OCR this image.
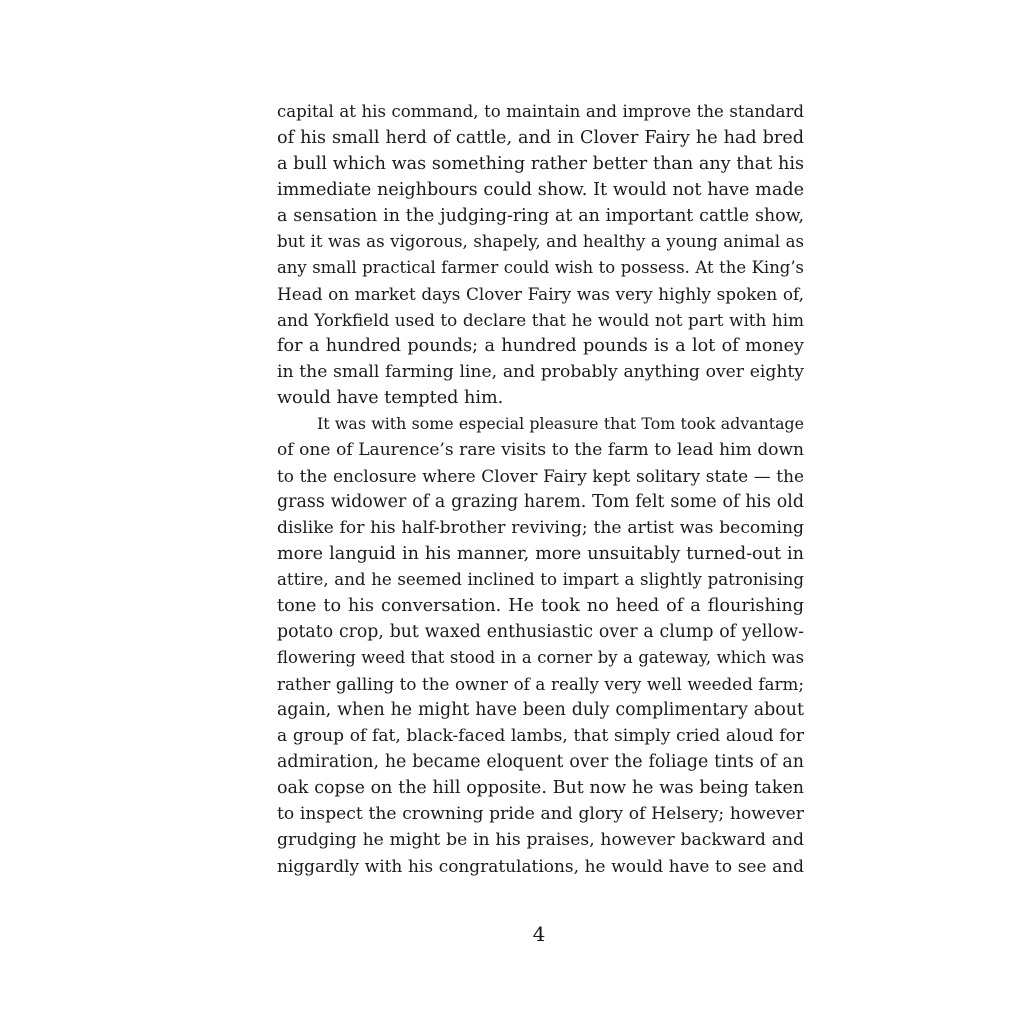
capital at his command, to maintain and improve the standard
of his small herd of cattle, and in Clover Fairy he had bred
a bull which was something rather better than any that his
immediate neighbours could show. It would not have made
a sensation in the judging-ring at an important cattle show,
but it was as vigorous, shapely, and healthy a young animal as
any small practical farmer could wish to possess. At the King’s
Head on market days Clover Fairy was very highly spoken of,
and Yorkfield used to declare that he would not part with him
for a hundred pounds; a hundred pounds is a lot of money
in the small farming line, and probably anything over eighty
would have tempted him.
It was with some especial pleasure that Tom took advantage
of one of Laurence’s rare visits to the farm to lead him down
to the enclosure where Clover Fairy kept solitary state — the
grass widower of a grazing harem. Tom felt some of his old
dislike for his half-brother reviving; the artist was becoming
more languid in his manner, more unsuitably turned-out in
attire, and he seemed inclined to impart a slightly patronising
tone to his conversation. He took no heed of a flourishing
potato crop, but waxed enthusiastic over a clump of yellow-
flowering weed that stood in a corner by a gateway, which was
rather galling to the owner of a really very well weeded farm;
again, when he might have been duly complimentary about
a group of fat, black-faced lambs, that simply cried aloud for
admiration, he became eloquent over the foliage tints of an
oak copse on the hill opposite. But now he was being taken
to inspect the crowning pride and glory of Helsery; however
grudging he might be in his praises, however backward and
niggardly with his congratulations, he would have to see and
4
